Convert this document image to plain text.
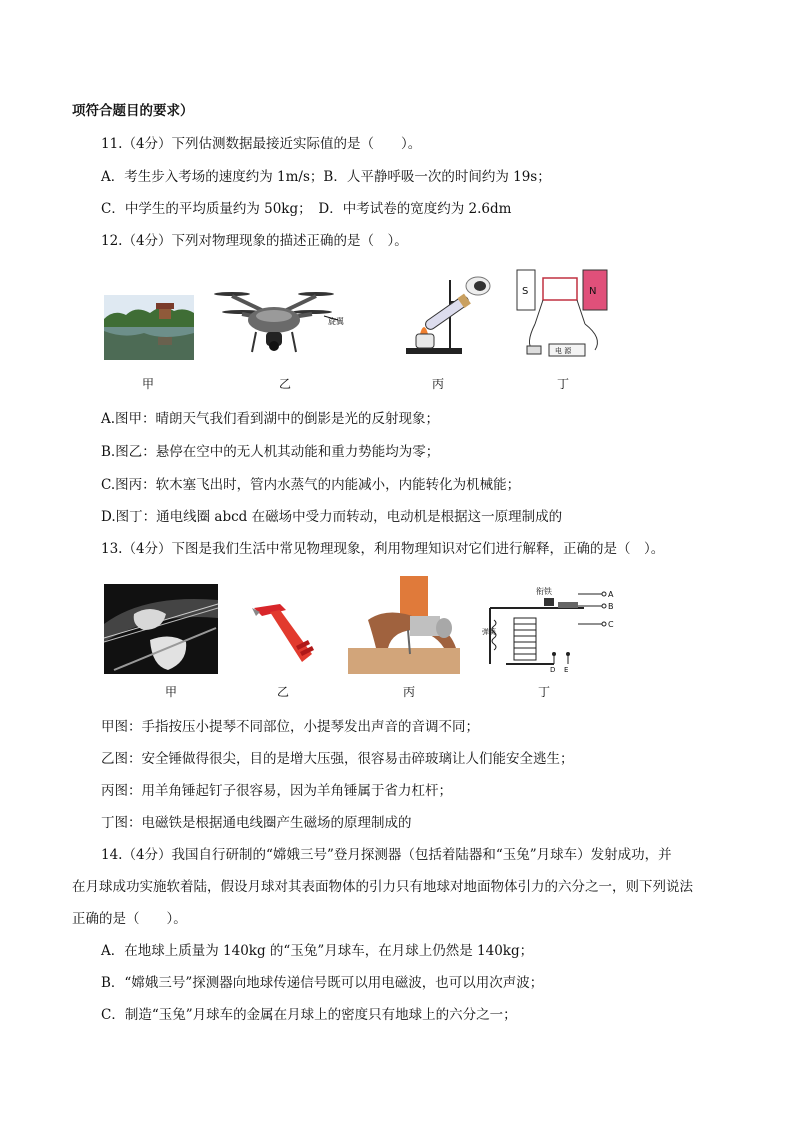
项符合题目的要求）
11.（4分）下列估测数据最接近实际值的是（　　）。
A．考生步入考场的速度约为 1m/s；B．人平静呼吸一次的时间约为 19s；
C．中学生的平均质量约为 50kg；　D．中考试卷的宽度约为 2.6dm
12.（4分）下列对物理现象的描述正确的是（　）。
旋翼
S	N
电 源
甲	乙	丙	丁
A.图甲：晴朗天气我们看到湖中的倒影是光的反射现象；
B.图乙：悬停在空中的无人机其动能和重力势能均为零；
C.图丙：软木塞飞出时，管内水蒸气的内能减小，内能转化为机械能；
D.图丁：通电线圈 abcd 在磁场中受力而转动，电动机是根据这一原理制成的
13.（4分）下图是我们生活中常见物理现象，利用物理知识对它们进行解释，正确的是（　）。
衔铁
弹簧
D E
A
B
C
甲	乙	丙	丁
甲图：手指按压小提琴不同部位，小提琴发出声音的音调不同；
乙图：安全锤做得很尖，目的是增大压强，很容易击碎玻璃让人们能安全逃生；
丙图：用羊角锤起钉子很容易，因为羊角锤属于省力杠杆；
丁图：电磁铁是根据通电线圈产生磁场的原理制成的
14.（4分）我国自行研制的“嫦娥三号”登月探测器（包括着陆器和“玉兔”月球车）发射成功，并
在月球成功实施软着陆，假设月球对其表面物体的引力只有地球对地面物体引力的六分之一，则下列说法
正确的是（　　）。
A．在地球上质量为 140kg 的“玉兔”月球车，在月球上仍然是 140kg；
B．“嫦娥三号”探测器向地球传递信号既可以用电磁波，也可以用次声波；
C．制造“玉兔”月球车的金属在月球上的密度只有地球上的六分之一；
